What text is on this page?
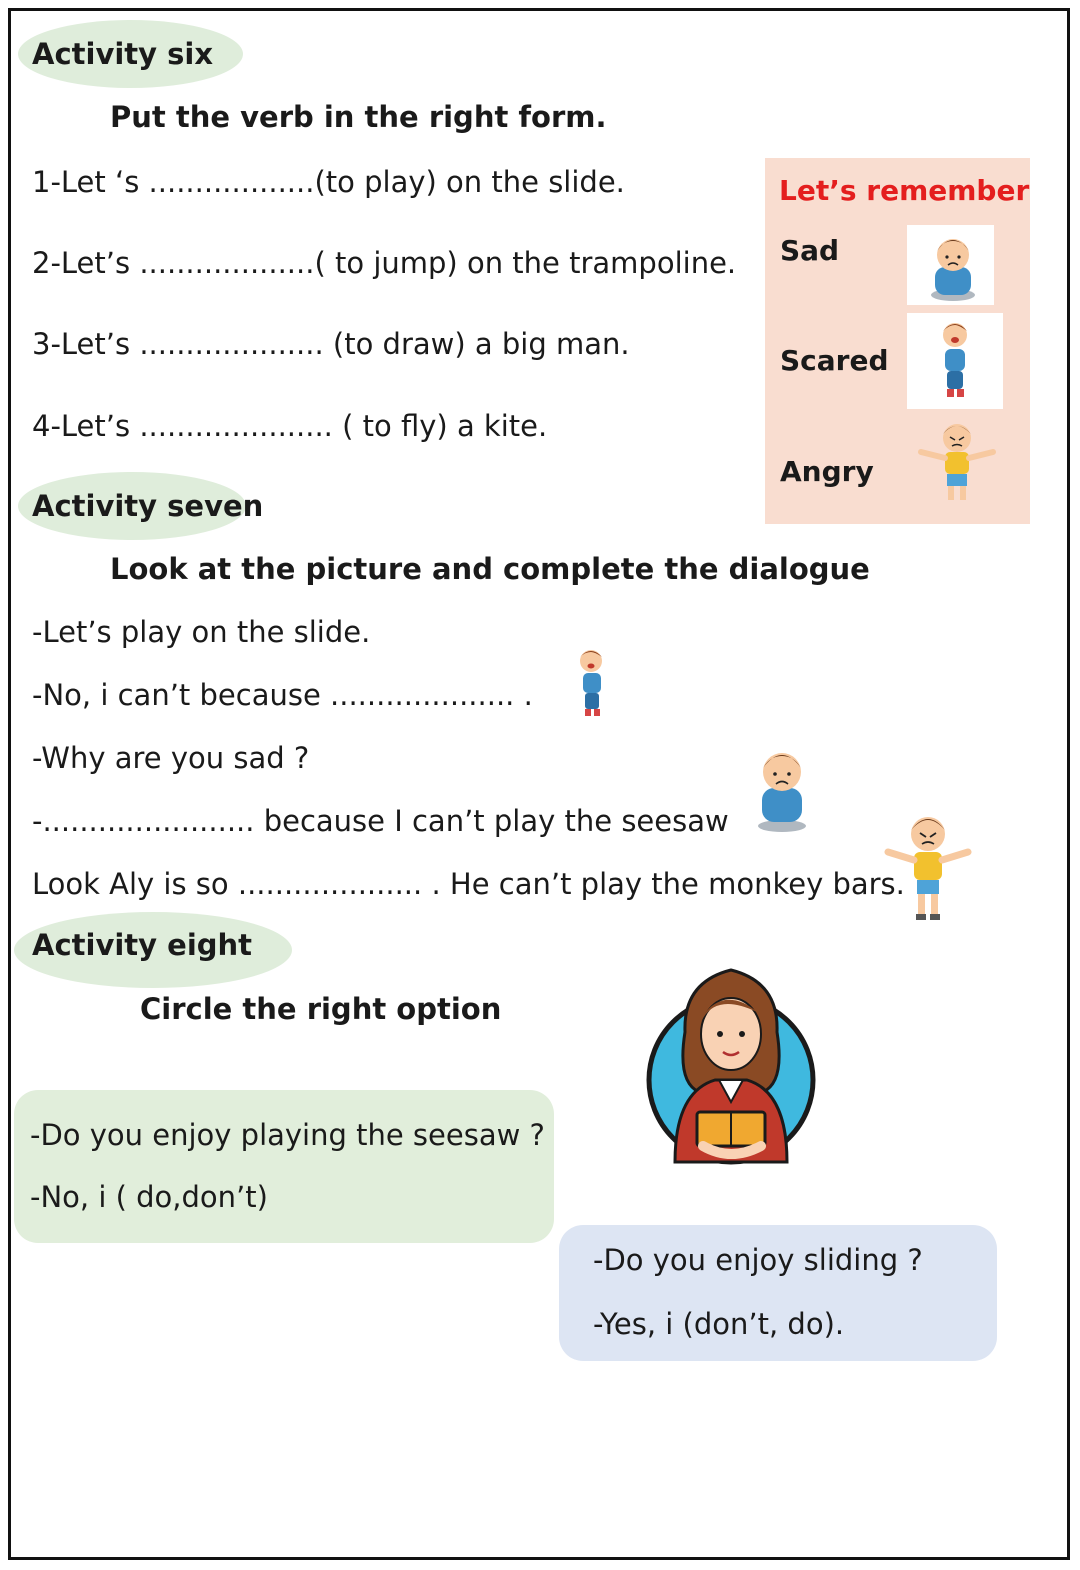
Activity six
Put the verb in the right form.
1-Let ‘s ..................(to play) on the slide.
2-Let’s ...................( to jump) on the trampoline.
3-Let’s .................... (to draw) a big man.
4-Let’s ..................... ( to fly) a kite.
Let’s remember
Sad
Scared
Angry
Activity seven
Look at the picture and complete the dialogue
-Let’s play on the slide.
-No, i can’t because .................... .
-Why are you sad ?
-....................... because I can’t play the seesaw
Look Aly is so .................... . He can’t play the monkey bars.
Activity eight
Circle the right option
-Do you enjoy playing the seesaw ?
-No, i ( do,don’t)
-Do you enjoy sliding ?
-Yes, i (don’t, do).
